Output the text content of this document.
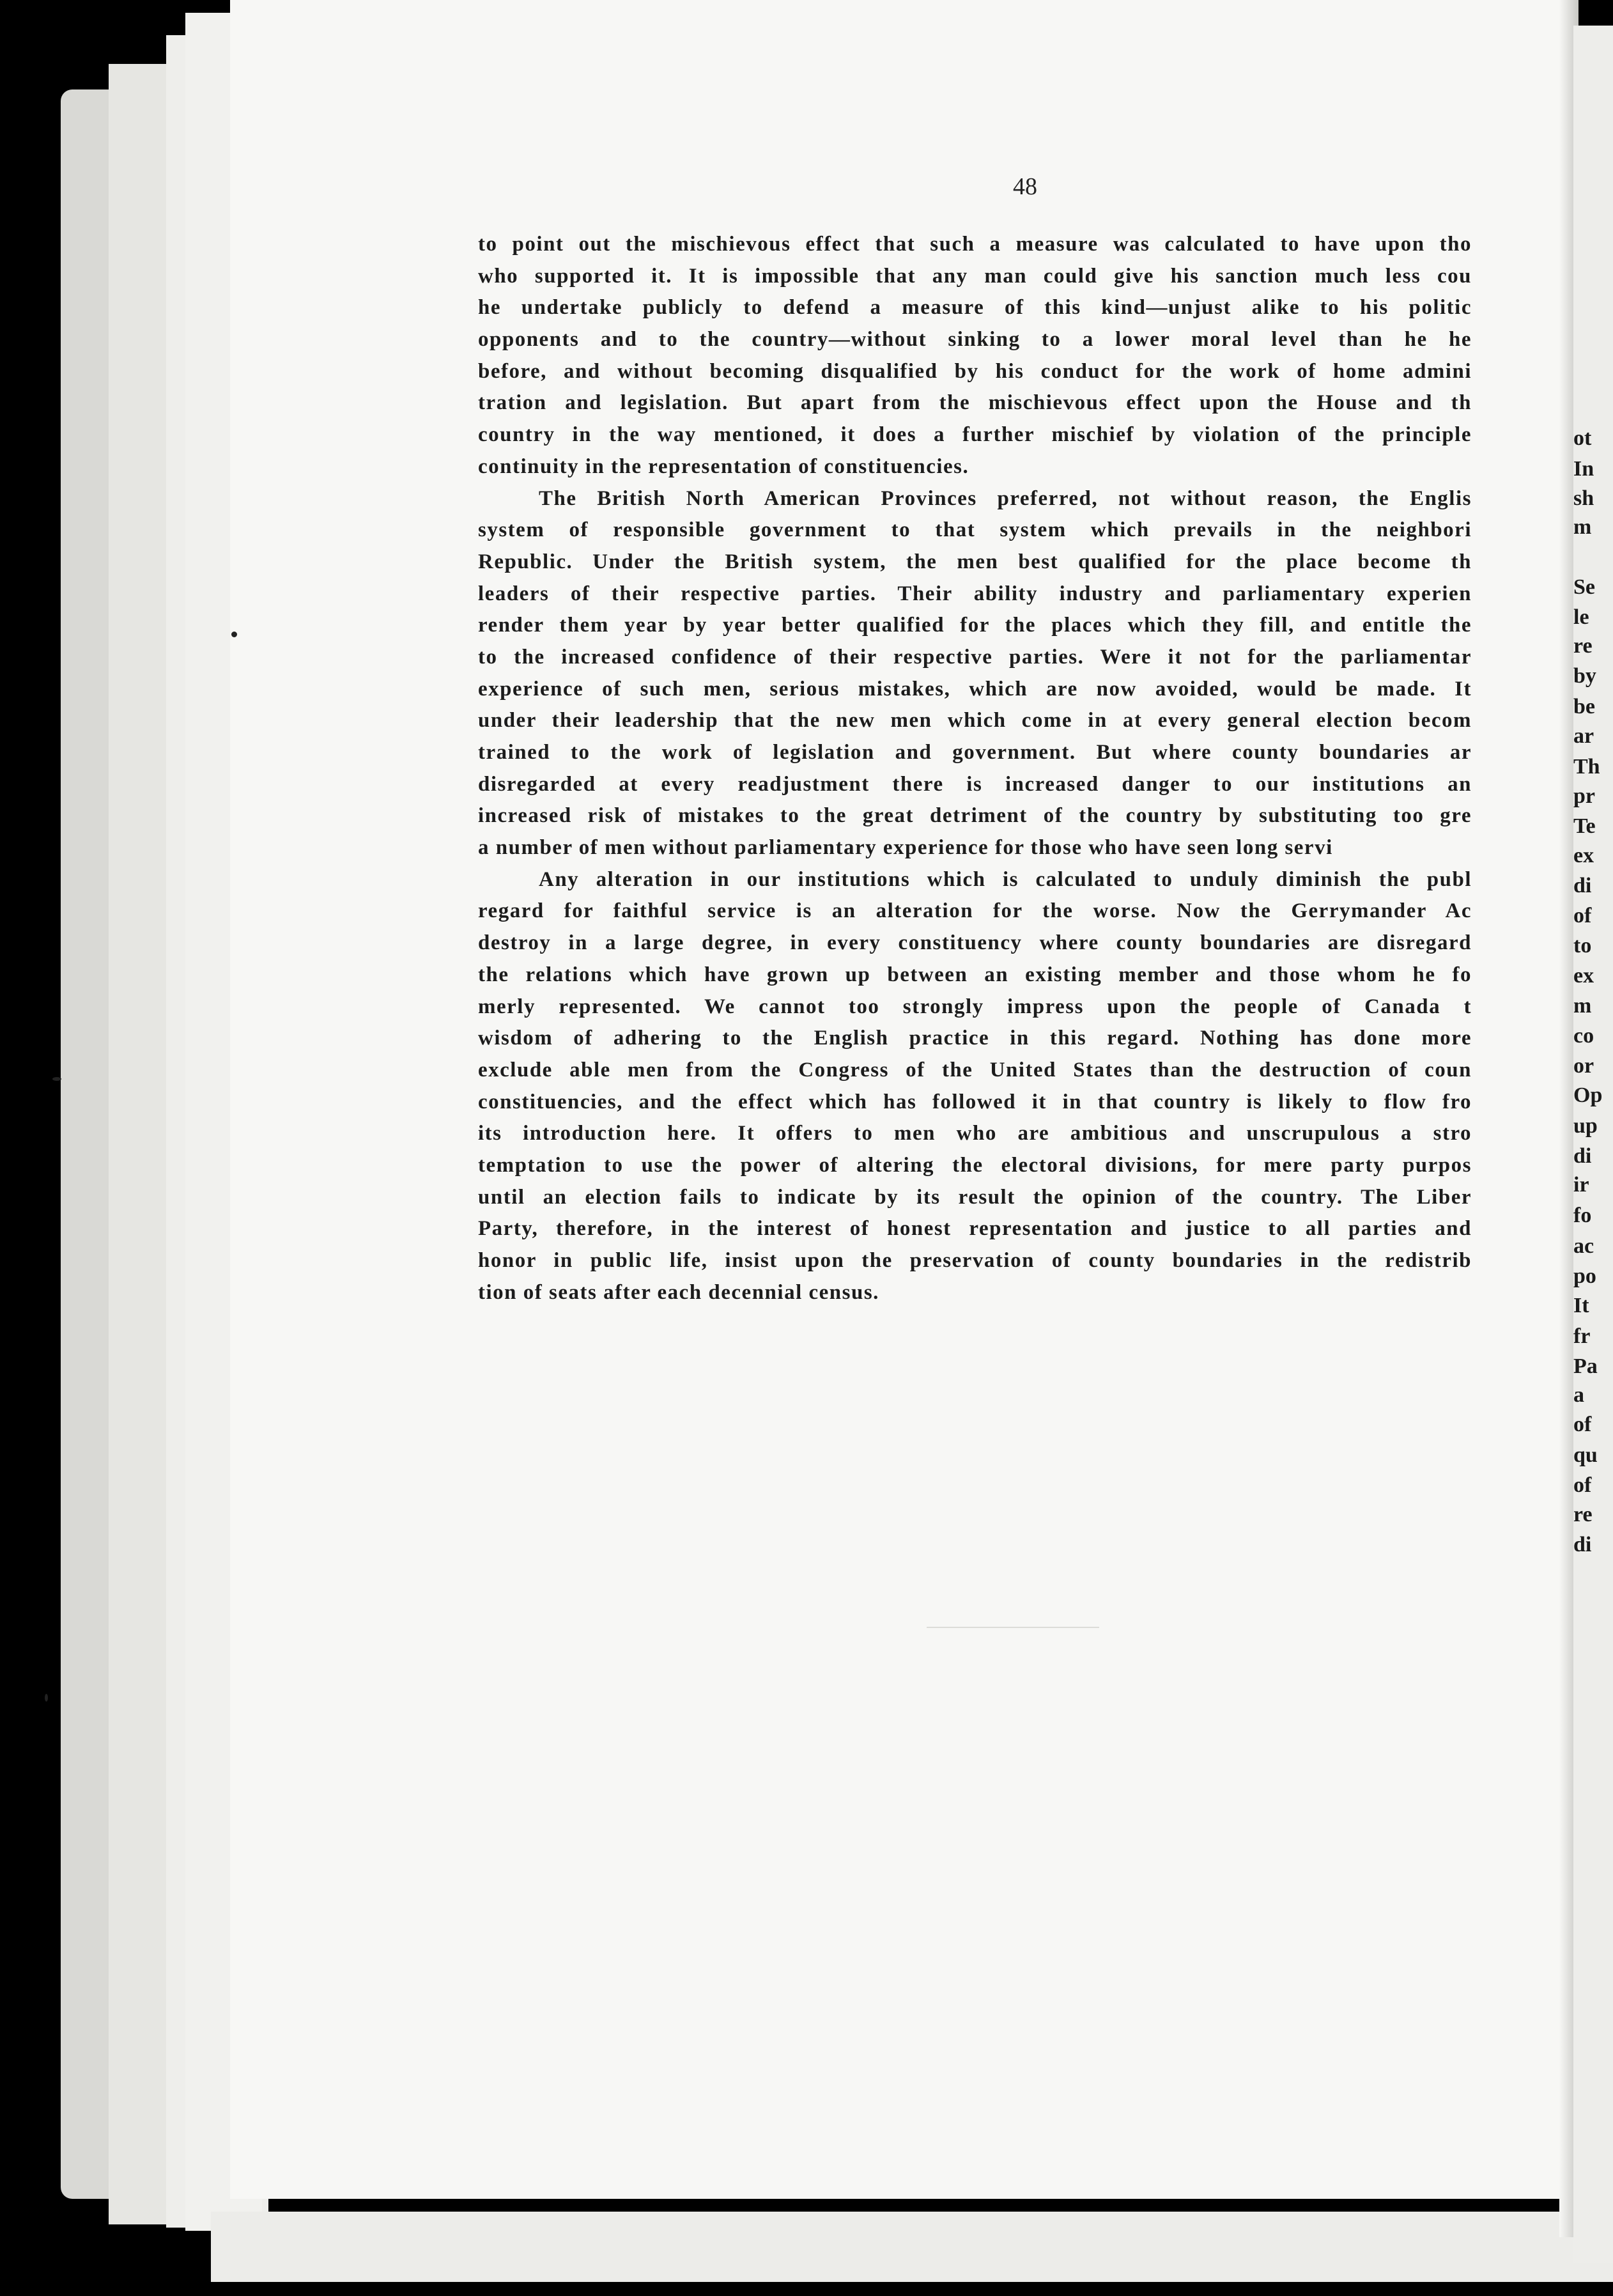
ot
In
sh
m
Se
le
re
by
be
ar
Th
pr
Te
ex
di
of
to
ex
m
co
or
Op
up
di
ir
fo
ac
po
It
fr
Pa
a
of
qu
of
re
di
48
to point out the mischievous effect that such a measure was calculated to have upon tho
who supported it. It is impossible that any man could give his sanction much less cou
he undertake publicly to defend a measure of this kind—unjust alike to his politic
opponents and to the country—without sinking to a lower moral level than he he
before, and without becoming disqualified by his conduct for the work of home admini
tration and legislation. But apart from the mischievous effect upon the House and th
country in the way mentioned, it does a further mischief by violation of the principle
continuity in the representation of constituencies.
The British North American Provinces preferred, not without reason, the Englis
system of responsible government to that system which prevails in the neighbori
Republic. Under the British system, the men best qualified for the place become th
leaders of their respective parties. Their ability industry and parliamentary experien
render them year by year better qualified for the places which they fill, and entitle the
to the increased confidence of their respective parties. Were it not for the parliamentar
experience of such men, serious mistakes, which are now avoided, would be made. It
under their leadership that the new men which come in at every general election becom
trained to the work of legislation and government. But where county boundaries ar
disregarded at every readjustment there is increased danger to our institutions an
increased risk of mistakes to the great detriment of the country by substituting too gre
a number of men without parliamentary experience for those who have seen long servi
Any alteration in our institutions which is calculated to unduly diminish the publ
regard for faithful service is an alteration for the worse. Now the Gerrymander Ac
destroy in a large degree, in every constituency where county boundaries are disregard
the relations which have grown up between an existing member and those whom he fo
merly represented. We cannot too strongly impress upon the people of Canada t
wisdom of adhering to the English practice in this regard. Nothing has done more
exclude able men from the Congress of the United States than the destruction of coun
constituencies, and the effect which has followed it in that country is likely to flow fro
its introduction here. It offers to men who are ambitious and unscrupulous a stro
temptation to use the power of altering the electoral divisions, for mere party purpos
until an election fails to indicate by its result the opinion of the country. The Liber
Party, therefore, in the interest of honest representation and justice to all parties and
honor in public life, insist upon the preservation of county boundaries in the redistrib
tion of seats after each decennial census.
